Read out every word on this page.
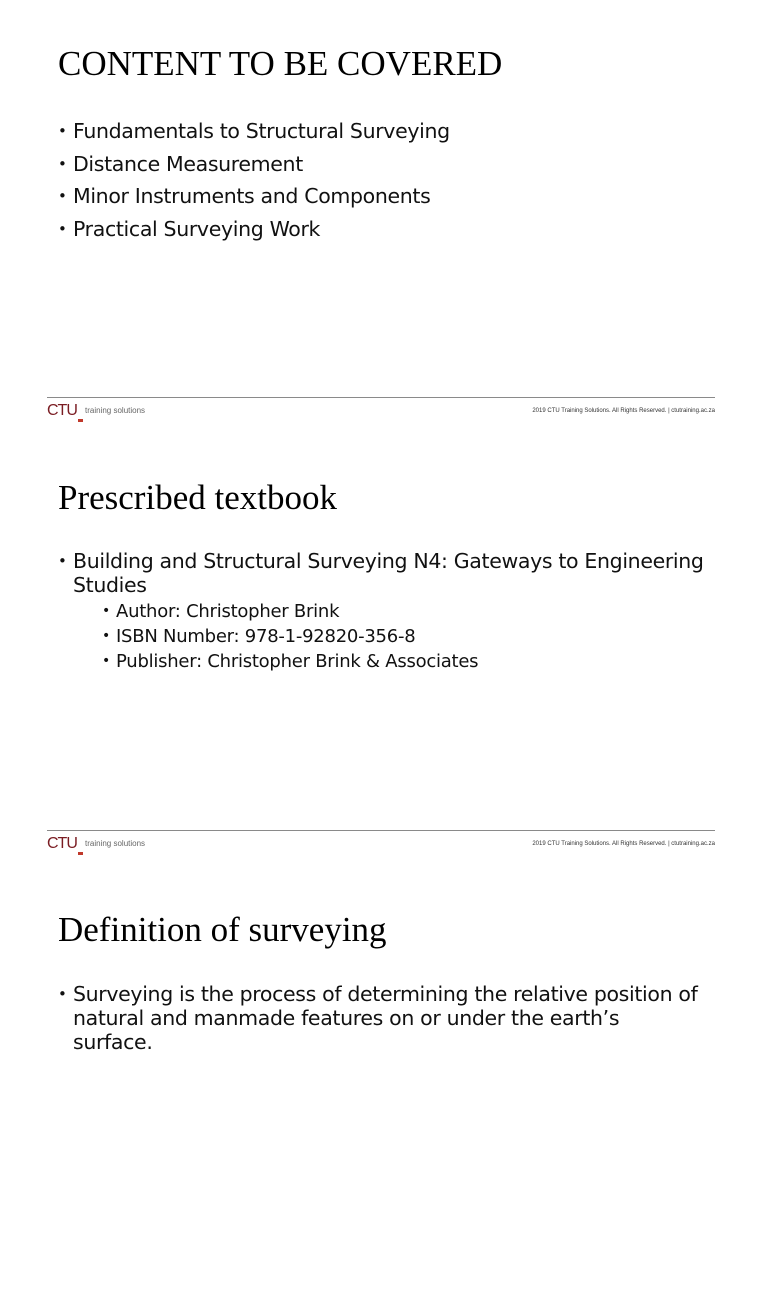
CONTENT TO BE COVERED
• Fundamentals to Structural Surveying
• Distance Measurement
• Minor Instruments and Components
• Practical Surveying Work
CTU training solutions	2019 CTU Training Solutions. All Rights Reserved. | ctutraining.ac.za
Prescribed textbook
• Building and Structural Surveying N4: Gateways to Engineering Studies
• Author: Christopher Brink
• ISBN Number: 978-1-92820-356-8
• Publisher: Christopher Brink & Associates
CTU training solutions	2019 CTU Training Solutions. All Rights Reserved. | ctutraining.ac.za
Definition of surveying
• Surveying is the process of determining the relative position of natural and manmade features on or under the earth’s surface.
